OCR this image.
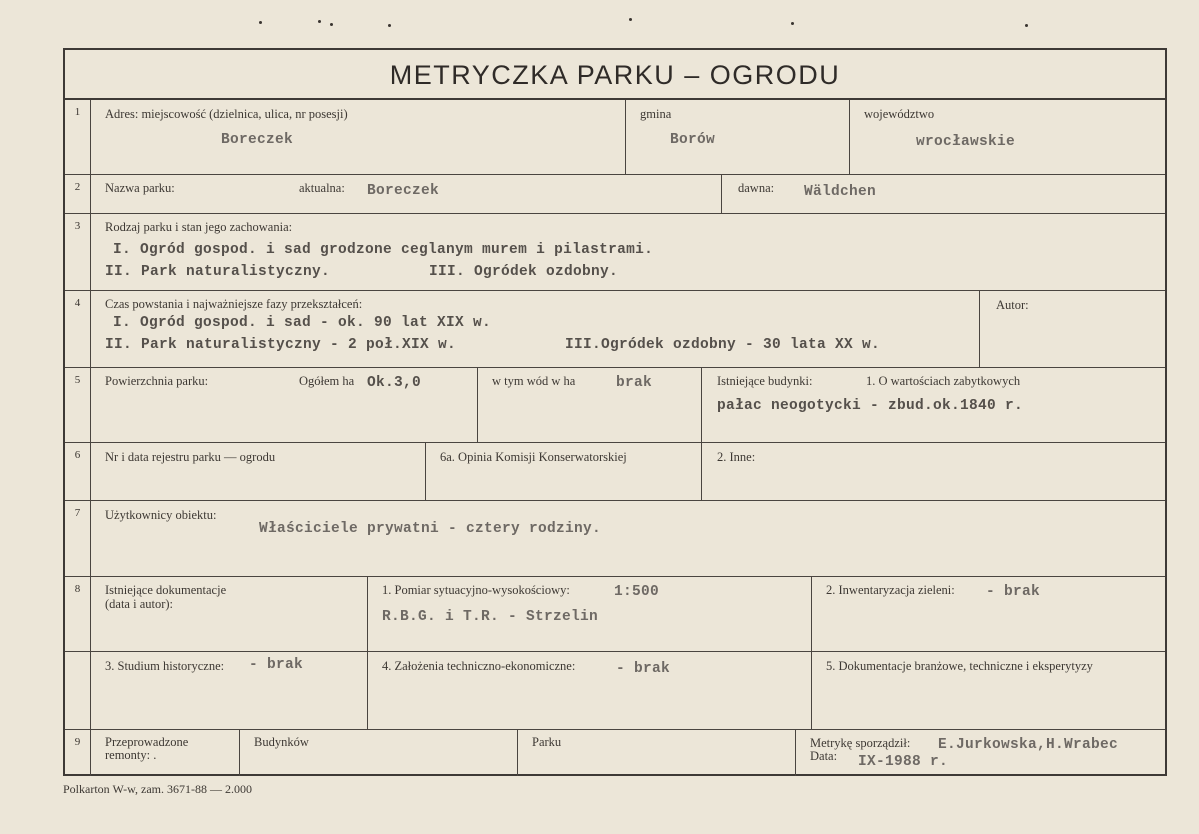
METRYCZKA PARKU – OGRODU
1	Adres: miejscowość (dzielnica, ulica, nr posesji)
Boreczek
gmina
Borów
województwo
wrocławskie
2	Nazwa parku:	aktualna: Boreczek	dawna: Wäldchen
3	Rodzaj parku i stan jego zachowania:
I. Ogród gospod. i sad grodzone ceglanym murem i pilastrami.
II. Park naturalistyczny.	III. Ogródek ozdobny.
4	Czas powstania i najważniejsze fazy przekształceń:
I. Ogród gospod. i sad - ok. 90 lat XIX w.
II. Park naturalistyczny - 2 poł.XIX w.	III.Ogródek ozdobny - 30 lata XX w.
Autor:
5	Powierzchnia parku:	Ogółem ha Ok.3,0	w tym wód w ha	brak	Istniejące budynki:	1. O wartościach zabytkowych
pałac neogotycki - zbud.ok.1840 r.
6	Nr i data rejestru parku — ogrodu	6a. Opinia Komisji Konserwatorskiej	2. Inne:
7	Użytkownicy obiektu:
Właściciele prywatni - cztery rodziny.
8	Istniejące dokumentacje
(data i autor):
1. Pomiar sytuacyjno-wysokościowy:	1:500
R.B.G. i T.R. - Strzelin
2. Inwentaryzacja zieleni: - brak
3. Studium historyczne: - brak	4. Założenia techniczno-ekonomiczne:	- brak	5. Dokumentacje branżowe, techniczne i eksperytyzy
9	Przeprowadzone
remonty: .
Budynków	Parku	Metrykę sporządził: E.Jurkowska,H.Wrabec
Data: IX-1988 r.
Polkarton W-w, zam. 3671-88 — 2.000
